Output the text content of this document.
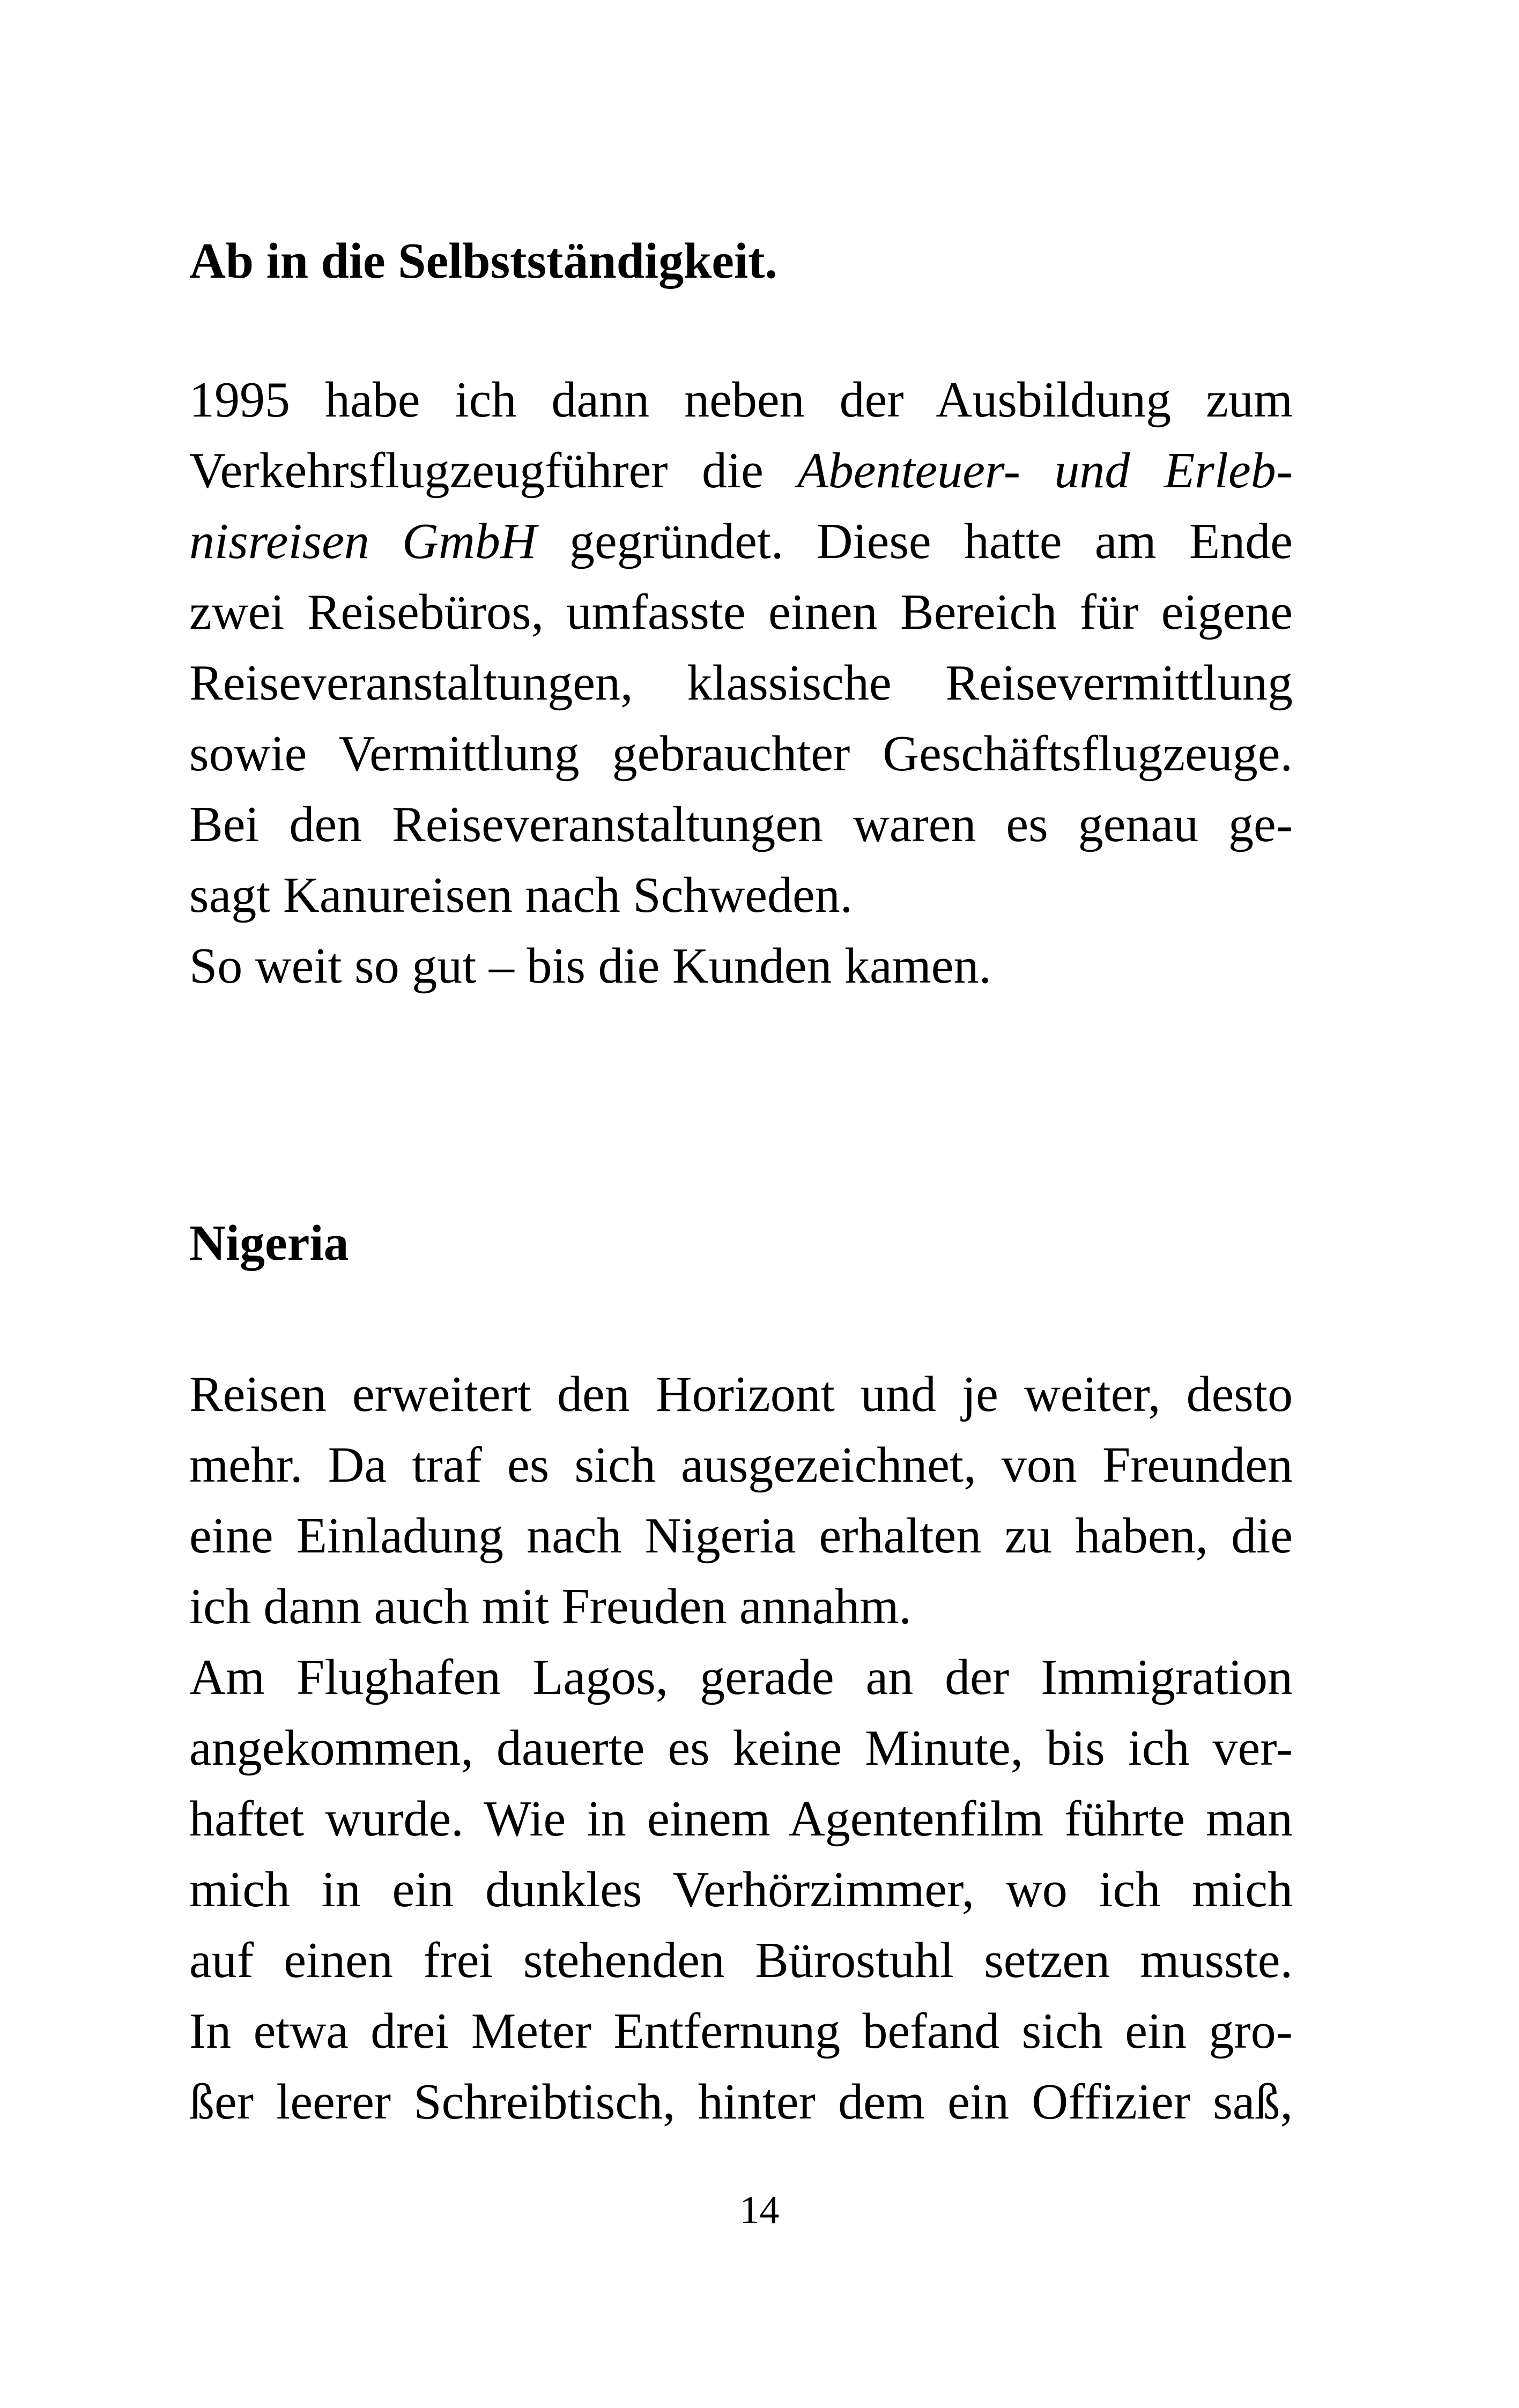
Ab in die Selbstständigkeit.
1995 habe ich dann neben der Ausbildung zum
Verkehrsflugzeugführer die Abenteuer- und Erleb-
nisreisen GmbH gegründet. Diese hatte am Ende
zwei Reisebüros, umfasste einen Bereich für eigene
Reiseveranstaltungen, klassische Reisevermittlung
sowie Vermittlung gebrauchter Geschäftsflugzeuge.
Bei den Reiseveranstaltungen waren es genau ge-
sagt Kanureisen nach Schweden.
So weit so gut – bis die Kunden kamen.
Nigeria
Reisen erweitert den Horizont und je weiter, desto
mehr. Da traf es sich ausgezeichnet, von Freunden
eine Einladung nach Nigeria erhalten zu haben, die
ich dann auch mit Freuden annahm.
Am Flughafen Lagos, gerade an der Immigration
angekommen, dauerte es keine Minute, bis ich ver-
haftet wurde. Wie in einem Agentenfilm führte man
mich in ein dunkles Verhörzimmer, wo ich mich
auf einen frei stehenden Bürostuhl setzen musste.
In etwa drei Meter Entfernung befand sich ein gro-
ßer leerer Schreibtisch, hinter dem ein Offizier saß,
14
